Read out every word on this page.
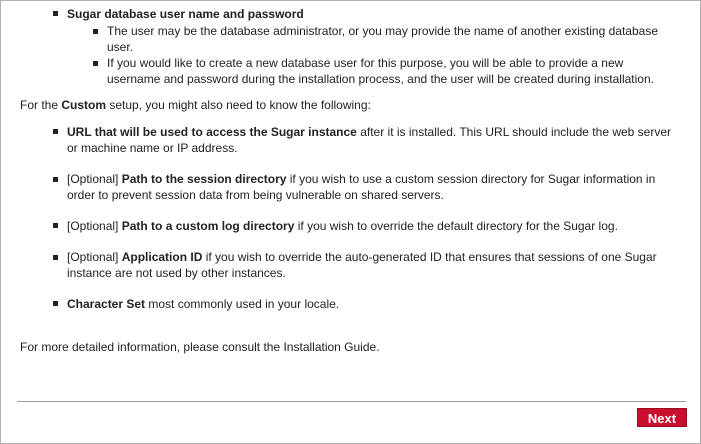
Sugar database user name and password
The user may be the database administrator, or you may provide the name of another existing database
user.
If you would like to create a new database user for this purpose, you will be able to provide a new
username and password during the installation process, and the user will be created during installation.
For the Custom setup, you might also need to know the following:
URL that will be used to access the Sugar instance after it is installed. This URL should include the web server
or machine name or IP address.
[Optional] Path to the session directory if you wish to use a custom session directory for Sugar information in
order to prevent session data from being vulnerable on shared servers.
[Optional] Path to a custom log directory if you wish to override the default directory for the Sugar log.
[Optional] Application ID if you wish to override the auto-generated ID that ensures that sessions of one Sugar
instance are not used by other instances.
Character Set most commonly used in your locale.
For more detailed information, please consult the Installation Guide.
Next
